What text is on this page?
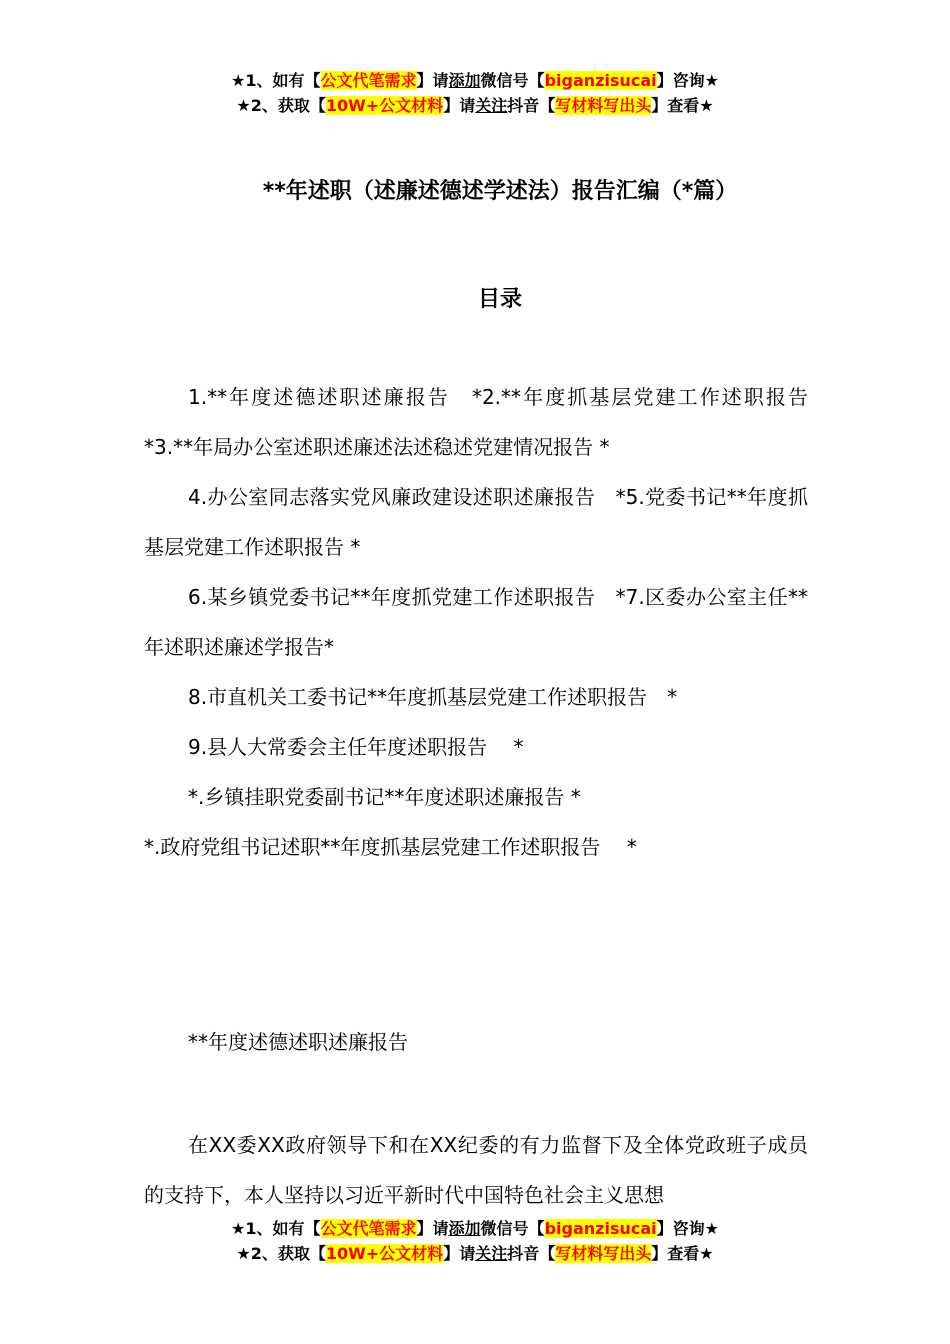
★1、如有【公文代笔需求】请添加微信号【biganzisucai】咨询★
★2、获取【10W+公文材料】请关注抖音【写材料写出头】查看★
**年述职（述廉述德述学述法）报告汇编（*篇）
目录

1.**年度述德述职述廉报告　*2.**年度抓基层党建工作述职报告 *3.**年局办公室述职述廉述法述稳述党建情况报告 *

4.办公室同志落实党风廉政建设述职述廉报告　*5.党委书记**年度抓基层党建工作述职报告 *

6.某乡镇党委书记**年度抓党建工作述职报告　*7.区委办公室主任**年述职述廉述学报告*

8.市直机关工委书记**年度抓基层党建工作述职报告　*

9.县人大常委会主任年度述职报告　 *

*.乡镇挂职党委副书记**年度述职述廉报告 *

*.政府党组书记述职**年度抓基层党建工作述职报告　 *

**年度述德述职述廉报告

在XX委XX政府领导下和在XX纪委的有力监督下及全体党政班子成员的支持下，本人坚持以习近平新时代中国特色社会主义思想

★1、如有【公文代笔需求】请添加微信号【biganzisucai】咨询★
★2、获取【10W+公文材料】请关注抖音【写材料写出头】查看★
